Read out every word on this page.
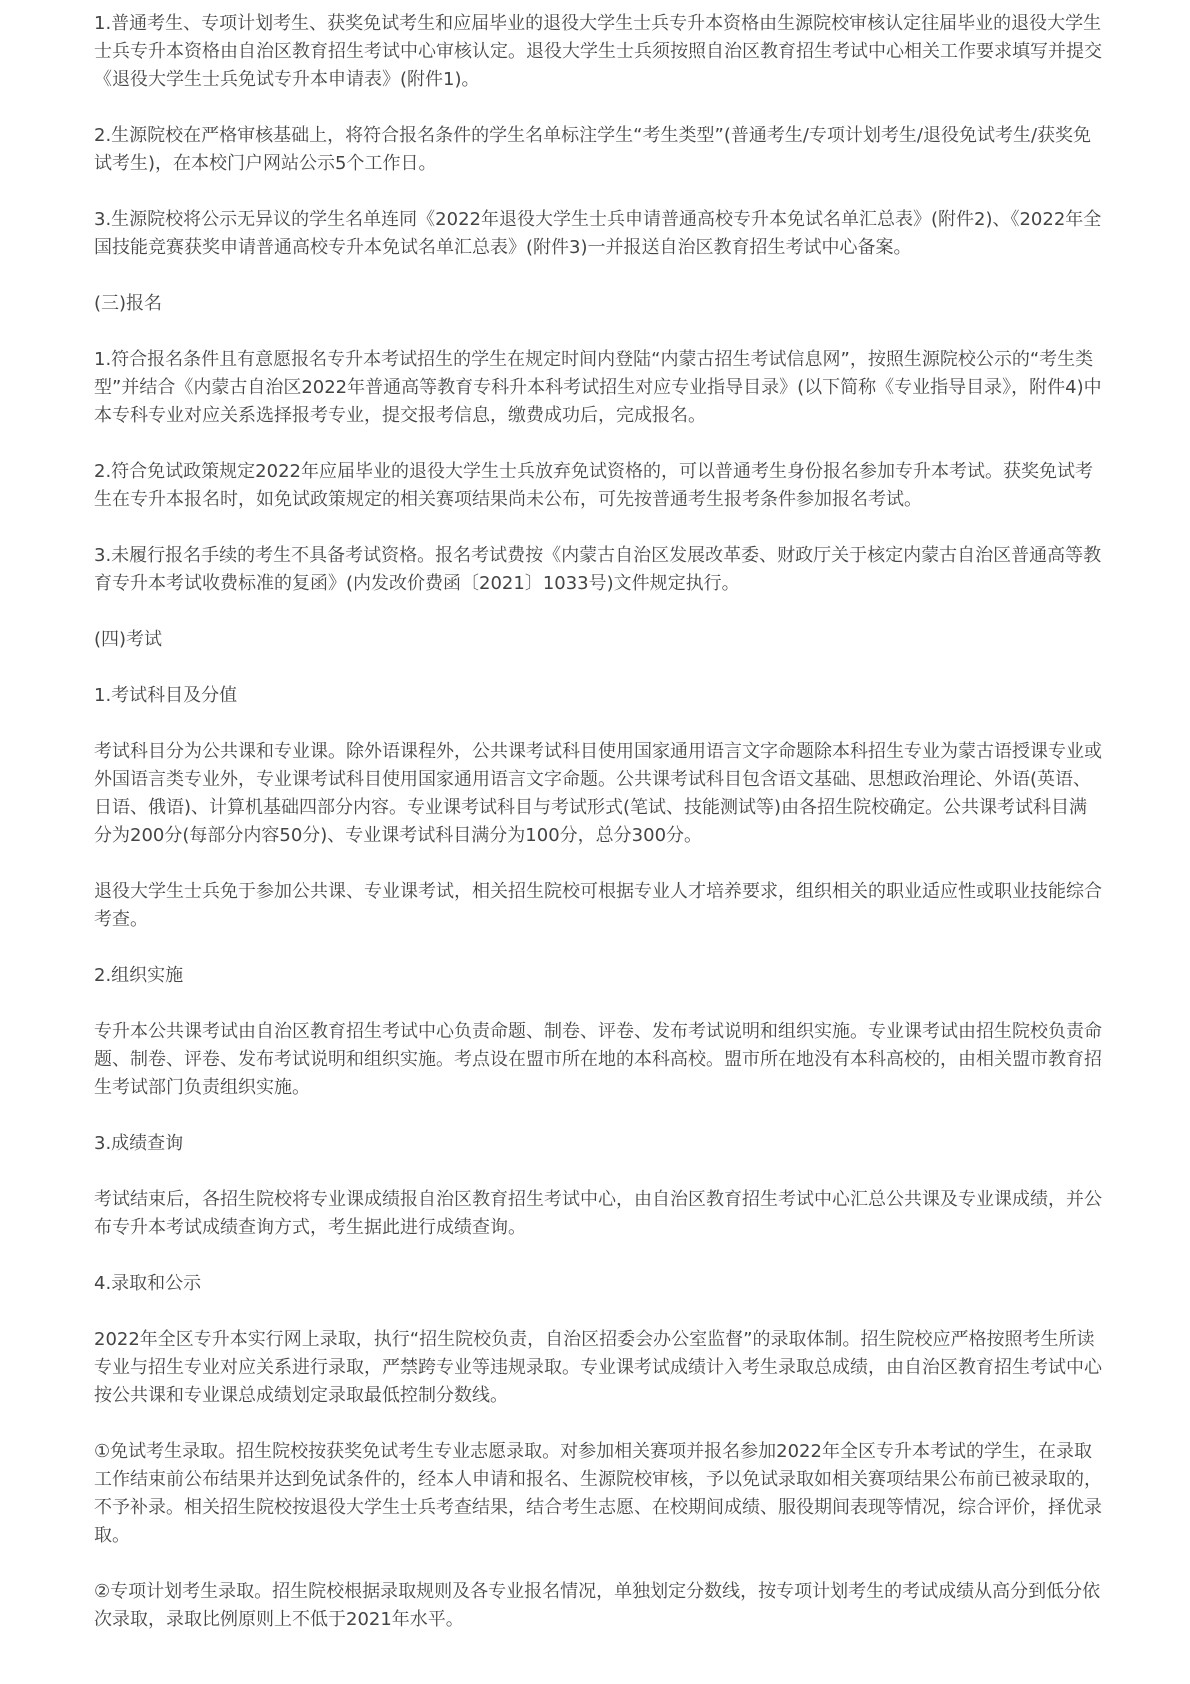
1.普通考生、专项计划考生、获奖免试考生和应届毕业的退役大学生士兵专升本资格由生源院校审核认定往届毕业的退役大学生士兵专升本资格由自治区教育招生考试中心审核认定。退役大学生士兵须按照自治区教育招生考试中心相关工作要求填写并提交《退役大学生士兵免试专升本申请表》(附件1)。

2.生源院校在严格审核基础上，将符合报名条件的学生名单标注学生“考生类型”(普通考生/专项计划考生/退役免试考生/获奖免试考生)，在本校门户网站公示5个工作日。

3.生源院校将公示无异议的学生名单连同《2022年退役大学生士兵申请普通高校专升本免试名单汇总表》(附件2)、《2022年全国技能竞赛获奖申请普通高校专升本免试名单汇总表》(附件3)一并报送自治区教育招生考试中心备案。

(三)报名

1.符合报名条件且有意愿报名专升本考试招生的学生在规定时间内登陆“内蒙古招生考试信息网”，按照生源院校公示的“考生类型”并结合《内蒙古自治区2022年普通高等教育专科升本科考试招生对应专业指导目录》(以下简称《专业指导目录》，附件4)中本专科专业对应关系选择报考专业，提交报考信息，缴费成功后，完成报名。

2.符合免试政策规定2022年应届毕业的退役大学生士兵放弃免试资格的，可以普通考生身份报名参加专升本考试。获奖免试考生在专升本报名时，如免试政策规定的相关赛项结果尚未公布，可先按普通考生报考条件参加报名考试。

3.未履行报名手续的考生不具备考试资格。报名考试费按《内蒙古自治区发展改革委、财政厅关于核定内蒙古自治区普通高等教育专升本考试收费标准的复函》(内发改价费函〔2021〕1033号)文件规定执行。

(四)考试

1.考试科目及分值

考试科目分为公共课和专业课。除外语课程外，公共课考试科目使用国家通用语言文字命题除本科招生专业为蒙古语授课专业或外国语言类专业外，专业课考试科目使用国家通用语言文字命题。公共课考试科目包含语文基础、思想政治理论、外语(英语、日语、俄语)、计算机基础四部分内容。专业课考试科目与考试形式(笔试、技能测试等)由各招生院校确定。公共课考试科目满分为200分(每部分内容50分)、专业课考试科目满分为100分，总分300分。

退役大学生士兵免于参加公共课、专业课考试，相关招生院校可根据专业人才培养要求，组织相关的职业适应性或职业技能综合考查。

2.组织实施

专升本公共课考试由自治区教育招生考试中心负责命题、制卷、评卷、发布考试说明和组织实施。专业课考试由招生院校负责命题、制卷、评卷、发布考试说明和组织实施。考点设在盟市所在地的本科高校。盟市所在地没有本科高校的，由相关盟市教育招生考试部门负责组织实施。

3.成绩查询

考试结束后，各招生院校将专业课成绩报自治区教育招生考试中心，由自治区教育招生考试中心汇总公共课及专业课成绩，并公布专升本考试成绩查询方式，考生据此进行成绩查询。

4.录取和公示

2022年全区专升本实行网上录取，执行“招生院校负责，自治区招委会办公室监督”的录取体制。招生院校应严格按照考生所读专业与招生专业对应关系进行录取，严禁跨专业等违规录取。专业课考试成绩计入考生录取总成绩，由自治区教育招生考试中心按公共课和专业课总成绩划定录取最低控制分数线。

①免试考生录取。招生院校按获奖免试考生专业志愿录取。对参加相关赛项并报名参加2022年全区专升本考试的学生，在录取工作结束前公布结果并达到免试条件的，经本人申请和报名、生源院校审核，予以免试录取如相关赛项结果公布前已被录取的，不予补录。相关招生院校按退役大学生士兵考查结果，结合考生志愿、在校期间成绩、服役期间表现等情况，综合评价，择优录取。

②专项计划考生录取。招生院校根据录取规则及各专业报名情况，单独划定分数线，按专项计划考生的考试成绩从高分到低分依次录取，录取比例原则上不低于2021年水平。
